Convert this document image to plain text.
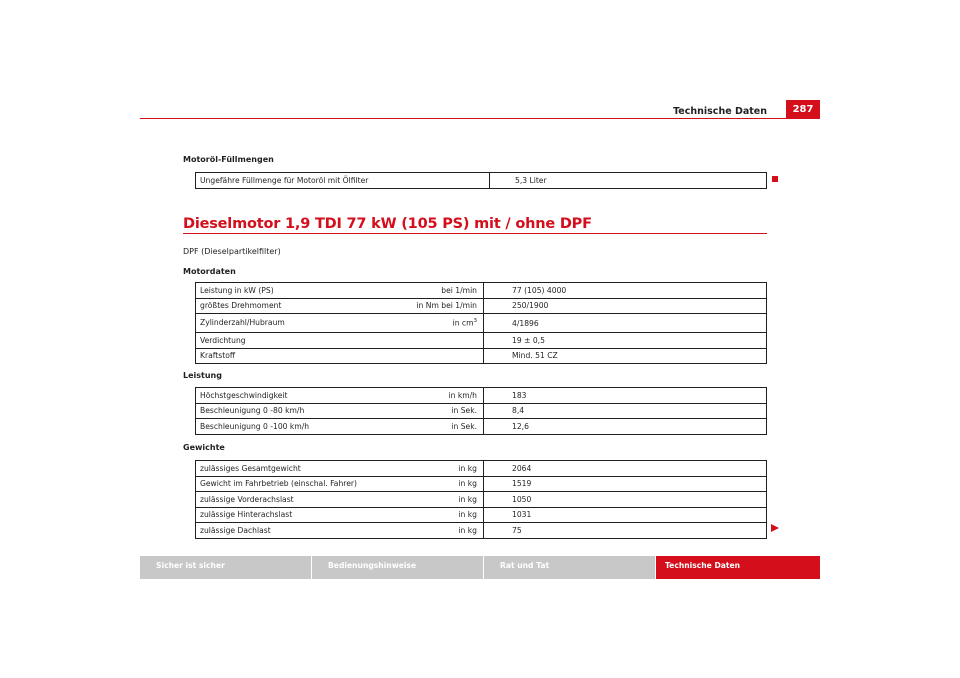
Technische Daten	287
Motoröl-Füllmengen
Ungefähre Füllmenge für Motoröl mit Ölfilter	5,3 Liter
Dieselmotor 1,9 TDI 77 kW (105 PS) mit / ohne DPF
DPF (Dieselpartikelfilter)
Motordaten
Leistung in kW (PS)	bei 1/min	77 (105) 4000
größtes Drehmoment	in Nm bei 1/min	250/1900
Zylinderzahl/Hubraum	in $cm^3$	4/1896
Verdichtung		19 ± 0,5
Kraftstoff		Mind. 51 CZ
Leistung
Höchstgeschwindigkeit	in km/h	183
Beschleunigung 0 -80 km/h	in Sek.	8,4
Beschleunigung 0 -100 km/h	in Sek.	12,6
Gewichte
zulässiges Gesamtgewicht	in kg	2064
Gewicht im Fahrbetrieb (einschal. Fahrer)	in kg	1519
zulässige Vorderachslast	in kg	1050
zulässige Hinterachslast	in kg	1031
zulässige Dachlast	in kg	75
Sicher ist sicher	Bedienungshinweise	Rat und Tat	Technische Daten
